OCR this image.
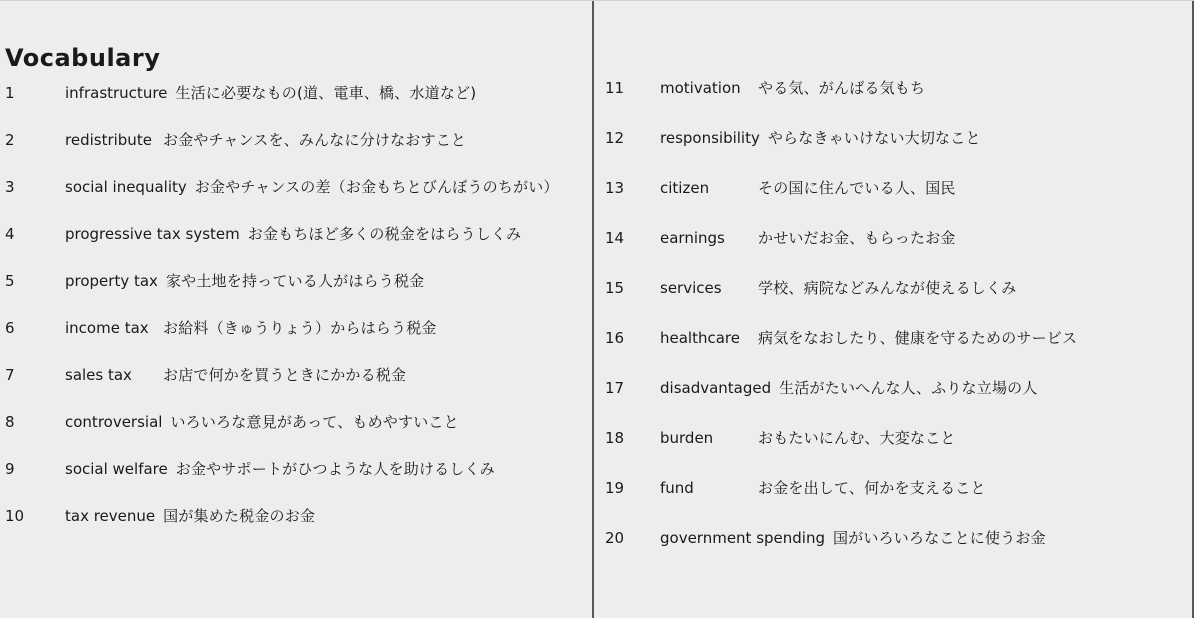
Vocabulary
1	infrastructure 生活に必要なもの(道、電車、橋、水道など)
2	redistribute お金やチャンスを、みんなに分けなおすこと
3	social inequality お金やチャンスの差（お金もちとびんぼうのちがい）
4	progressive tax system お金もちほど多くの税金をはらうしくみ
5	property tax 家や土地を持っている人がはらう税金
6	income tax お給料（きゅうりょう）からはらう税金
7	sales tax	お店で何かを買うときにかかる税金
8	controversial いろいろな意見があって、もめやすいこと
9	social welfare お金やサポートがひつような人を助けるしくみ
10	tax revenue 国が集めた税金のお金
11	motivation	やる気、がんばる気もち
12	responsibility やらなきゃいけない大切なこと
13	citizen	その国に住んでいる人、国民
14	earnings	かせいだお金、もらったお金
15	services	学校、病院などみんなが使えるしくみ
16	healthcare	病気をなおしたり、健康を守るためのサービス
17	disadvantaged 生活がたいへんな人、ふりな立場の人
18	burden	おもたいにんむ、大変なこと
19	fund	お金を出して、何かを支えること
20	government spending 国がいろいろなことに使うお金
